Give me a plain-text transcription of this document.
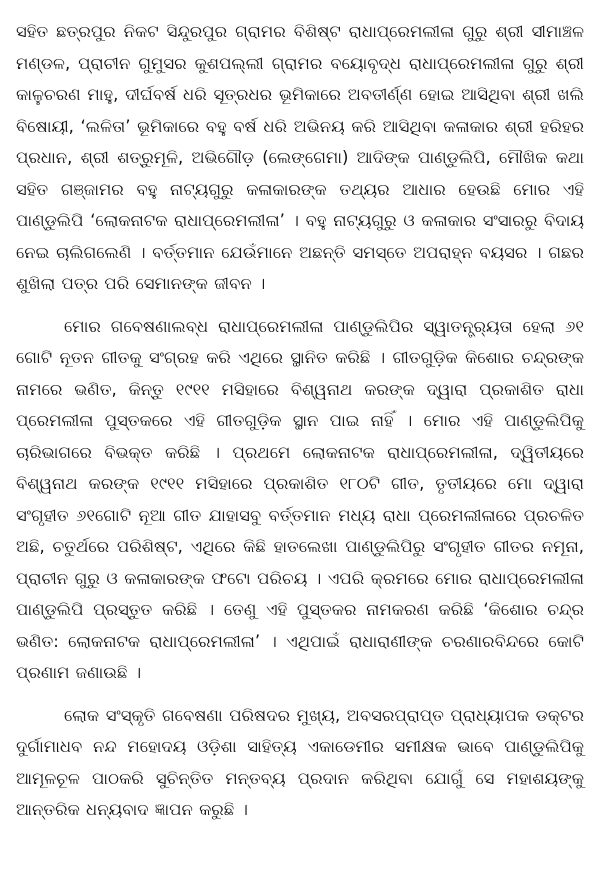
ସହିତ ଛତ୍ରପୁର ନିକଟ ସିନ୍ଦୁରପୁର ଗ୍ରାମର ବିଶିଷ୍ଟ ରାଧାପ୍ରେମଲୀଳା ଗୁରୁ ଶ୍ରୀ ସୀମାଞ୍ଚଳ ମଣ୍ଡଳ, ପ୍ରାଚୀନ ଗୁମୁସର କୁଶପଲ୍ଲୀ ଗ୍ରାମର ବୟୋବୃଦ୍ଧ ରାଧାପ୍ରେମଲୀଳା ଗୁରୁ ଶ୍ରୀ କାଳୁଚରଣ ମାହୁ, ଦୀର୍ଘବର୍ଷ ଧରି ସୂତ୍ରଧର ଭୂମିକାରେ ଅବତୀର୍ଣ୍ଣ ହୋଇ ଆସିଥିବା ଶ୍ରୀ ଖଲି ବିଷୋୟୀ, ‘ଲଳିତା’ ଭୂମିକାରେ ବହୁ ବର୍ଷ ଧରି ଅଭିନୟ କରି ଆସିଥିବା କଳାକାର ଶ୍ରୀ ହରିହର ପ୍ରଧାନ, ଶ୍ରୀ ଶତ୍ରୁମୂଳି, ଅଭିଗୌଡ଼ (ଲେଙ୍ଗେମା) ଆଦିଙ୍କ ପାଣ୍ଡୁଲିପି, ମୌଖିକ କଥା ସହିତ ଗଞ୍ଜାମର ବହୁ ନାଟ୍ୟଗୁରୁ କଳାକାରଙ୍କ ତଥ୍ୟର ଆଧାର ହେଉଛି ମୋର ଏହି ପାଣ୍ଡୁଲିପି ‘ଲୋକନାଟକ ରାଧାପ୍ରେମଲୀଳା’ । ବହୁ ନାଟ୍ୟଗୁରୁ ଓ କଳାକାର ସଂସାରରୁ ବିଦାୟ ନେଇ ଚାଲିଗଲେଣି । ବର୍ତ୍ତମାନ ଯେଉଁମାନେ ଅଛନ୍ତି ସମସ୍ତେ ଅପରାହ୍ନ ବୟସର । ଗଛର ଶୁଖିଲା ପତ୍ର ପରି ସେମାନଙ୍କ ଜୀବନ ।

ମୋର ଗବେଷଣାଲବ୍ଧ ରାଧାପ୍ରେମଲୀଳା ପାଣ୍ଡୁଲିପିର ସ୍ୱାତନ୍ତ୍ର୍ୟତା ହେଲା ୬୧ ଗୋଟି ନୂତନ ଗୀତକୁ ସଂଗ୍ରହ କରି ଏଥିରେ ସ୍ଥାନିତ କରିଛି । ଗୀତଗୁଡ଼ିକ କିଶୋର ଚନ୍ଦ୍ରଙ୍କ ନାମରେ ଭଣିତ, କିନ୍ତୁ ୧୯୧୧ ମସିହାରେ ବିଶ୍ୱନାଥ କରଙ୍କ ଦ୍ୱାରା ପ୍ରକାଶିତ ରାଧା ପ୍ରେମଲୀଳା ପୁସ୍ତକରେ ଏହି ଗୀତଗୁଡ଼ିକ ସ୍ଥାନ ପାଇ ନାହିଁ । ମୋର ଏହି ପାଣ୍ଡୁଲିପିକୁ ଚାରିଭାଗରେ ବିଭକ୍ତ କରିଛି । ପ୍ରଥମେ ଲୋକନାଟକ ରାଧାପ୍ରେମଲୀଳା, ଦ୍ୱିତୀୟରେ ବିଶ୍ୱନାଥ କରଙ୍କ ୧୯୧୧ ମସିହାରେ ପ୍ରକାଶିତ ୧୮୦ଟି ଗୀତ, ତୃତୀୟରେ ମୋ ଦ୍ୱାରା ସଂଗୃହୀତ ୬୧ଗୋଟି ନୂଆ ଗୀତ ଯାହାସବୁ ବର୍ତ୍ତମାନ ମଧ୍ୟ ରାଧା ପ୍ରେମଲୀଳାରେ ପ୍ରଚଳିତ ଅଛି, ଚତୁର୍ଥରେ ପରିଶିଷ୍ଟ, ଏଥିରେ କିଛି ହାତଲେଖା ପାଣ୍ଡୁଲିପିରୁ ସଂଗୃହୀତ ଗୀତର ନମୂନା, ପ୍ରାଚୀନ ଗୁରୁ ଓ କଳାକାରଙ୍କ ଫଟୋ ପରିଚୟ । ଏପରି କ୍ରମରେ ମୋର ରାଧାପ୍ରେମଲୀଳା ପାଣ୍ଡୁଲିପି ପ୍ରସ୍ତୁତ କରିଛି । ତେଣୁ ଏହି ପୁସ୍ତକର ନାମକରଣ କରିଛି ‘କିଶୋର ଚନ୍ଦ୍ର ଭଣିତ: ଲୋକନାଟକ ରାଧାପ୍ରେମଲୀଳା’ । ଏଥିପାଇଁ ରାଧାରାଣୀଙ୍କ ଚରଣାରବିନ୍ଦରେ କୋଟି ପ୍ରଣାମ ଜଣାଉଛି ।

ଲୋକ ସଂସ୍କୃତି ଗବେଷଣା ପରିଷଦର ମୁଖ୍ୟ, ଅବସରପ୍ରାପ୍ତ ପ୍ରାଧ୍ୟାପକ ଡକ୍ଟର ଦୁର୍ଗାମାଧବ ନନ୍ଦ ମହୋଦୟ ଓଡ଼ିଶା ସାହିତ୍ୟ ଏକାଡେମୀର ସମୀକ୍ଷକ ଭାବେ ପାଣ୍ଡୁଲିପିକୁ ଆମୂଳଚୂଳ ପାଠକରି ସୁଚିନ୍ତିତ ମନ୍ତବ୍ୟ ପ୍ରଦାନ କରିଥିବା ଯୋଗୁଁ ସେ ମହାଶୟଙ୍କୁ ଆନ୍ତରିକ ଧନ୍ୟବାଦ ଜ୍ଞାପନ କରୁଛି ।
